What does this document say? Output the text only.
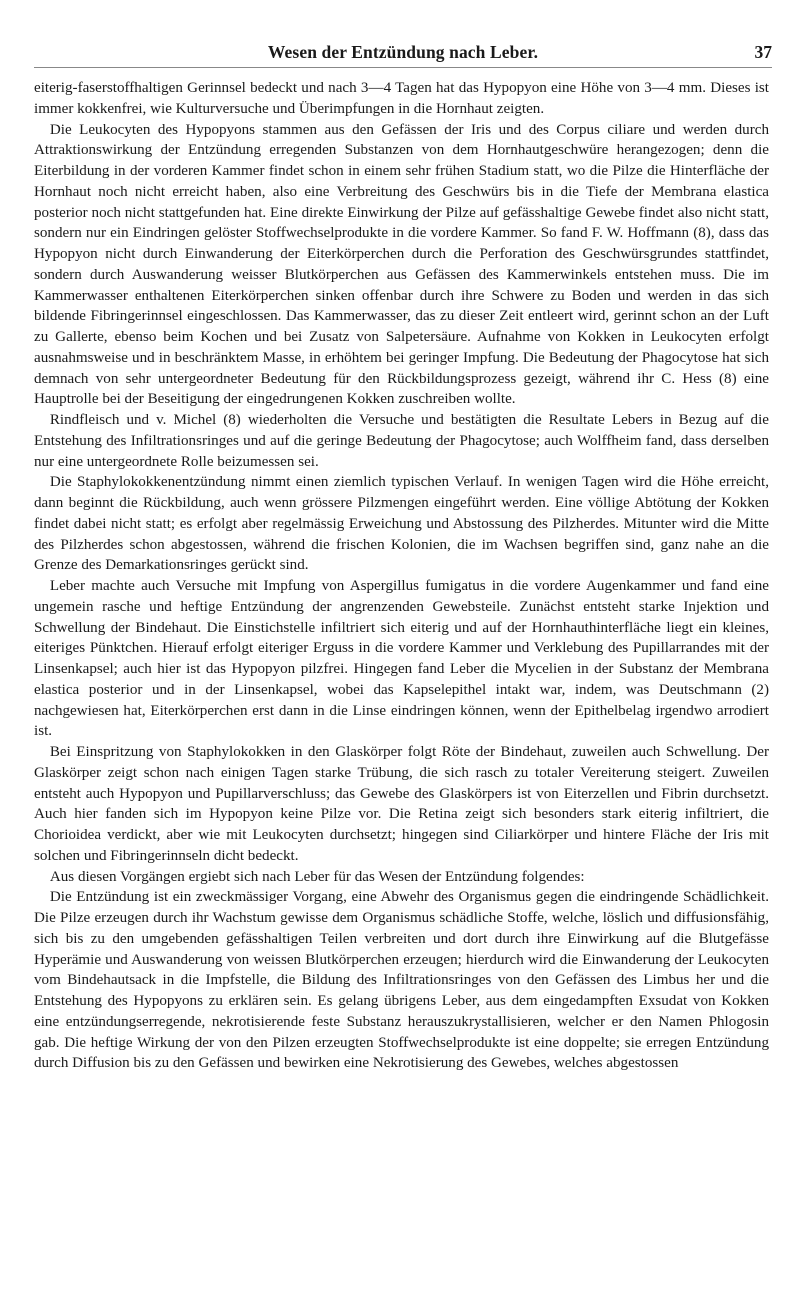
Wesen der Entzündung nach Leber.	37

eiterig-faserstoffhaltigen Gerinnsel bedeckt und nach 3—4 Tagen hat das Hypopyon eine Höhe von 3—4 mm. Dieses ist immer kokkenfrei, wie Kulturversuche und Überimpfungen in die Hornhaut zeigten.

Die Leukocyten des Hypopyons stammen aus den Gefässen der Iris und des Corpus ciliare und werden durch Attraktionswirkung der Entzündung erregenden Substanzen von dem Hornhautgeschwüre herangezogen; denn die Eiterbildung in der vorderen Kammer findet schon in einem sehr frühen Stadium statt, wo die Pilze die Hinterfläche der Hornhaut noch nicht erreicht haben, also eine Verbreitung des Geschwürs bis in die Tiefe der Membrana elastica posterior noch nicht stattgefunden hat. Eine direkte Einwirkung der Pilze auf gefässhaltige Gewebe findet also nicht statt, sondern nur ein Eindringen gelöster Stoffwechselprodukte in die vordere Kammer. So fand F. W. Hoffmann (8), dass das Hypopyon nicht durch Einwanderung der Eiterkörperchen durch die Perforation des Geschwürsgrundes stattfindet, sondern durch Auswanderung weisser Blutkörperchen aus Gefässen des Kammerwinkels entstehen muss. Die im Kammerwasser enthaltenen Eiterkörperchen sinken offenbar durch ihre Schwere zu Boden und werden in das sich bildende Fibringerinnsel eingeschlossen. Das Kammerwasser, das zu dieser Zeit entleert wird, gerinnt schon an der Luft zu Gallerte, ebenso beim Kochen und bei Zusatz von Salpetersäure. Aufnahme von Kokken in Leukocyten erfolgt ausnahmsweise und in beschränktem Masse, in erhöhtem bei geringer Impfung. Die Bedeutung der Phagocytose hat sich demnach von sehr untergeordneter Bedeutung für den Rückbildungsprozess gezeigt, während ihr C. Hess (8) eine Hauptrolle bei der Beseitigung der eingedrungenen Kokken zuschreiben wollte.

Rindfleisch und v. Michel (8) wiederholten die Versuche und bestätigten die Resultate Lebers in Bezug auf die Entstehung des Infiltrationsringes und auf die geringe Bedeutung der Phagocytose; auch Wolffheim fand, dass derselben nur eine untergeordnete Rolle beizumessen sei.

Die Staphylokokkenentzündung nimmt einen ziemlich typischen Verlauf. In wenigen Tagen wird die Höhe erreicht, dann beginnt die Rückbildung, auch wenn grössere Pilzmengen eingeführt werden. Eine völlige Abtötung der Kokken findet dabei nicht statt; es erfolgt aber regelmässig Erweichung und Abstossung des Pilzherdes. Mitunter wird die Mitte des Pilzherdes schon abgestossen, während die frischen Kolonien, die im Wachsen begriffen sind, ganz nahe an die Grenze des Demarkationsringes gerückt sind.

Leber machte auch Versuche mit Impfung von Aspergillus fumigatus in die vordere Augenkammer und fand eine ungemein rasche und heftige Entzündung der angrenzenden Gewebsteile. Zunächst entsteht starke Injektion und Schwellung der Bindehaut. Die Einstichstelle infiltriert sich eiterig und auf der Hornhauthinterfläche liegt ein kleines, eiteriges Pünktchen. Hierauf erfolgt eiteriger Erguss in die vordere Kammer und Verklebung des Pupillarrandes mit der Linsenkapsel; auch hier ist das Hypopyon pilzfrei. Hingegen fand Leber die Mycelien in der Substanz der Membrana elastica posterior und in der Linsenkapsel, wobei das Kapselepithel intakt war, indem, was Deutschmann (2) nachgewiesen hat, Eiterkörperchen erst dann in die Linse eindringen können, wenn der Epithelbelag irgendwo arrodiert ist.

Bei Einspritzung von Staphylokokken in den Glaskörper folgt Röte der Bindehaut, zuweilen auch Schwellung. Der Glaskörper zeigt schon nach einigen Tagen starke Trübung, die sich rasch zu totaler Vereiterung steigert. Zuweilen entsteht auch Hypopyon und Pupillarverschluss; das Gewebe des Glaskörpers ist von Eiterzellen und Fibrin durchsetzt. Auch hier fanden sich im Hypopyon keine Pilze vor. Die Retina zeigt sich besonders stark eiterig infiltriert, die Chorioidea verdickt, aber wie mit Leukocyten durchsetzt; hingegen sind Ciliarkörper und hintere Fläche der Iris mit solchen und Fibringerinnseln dicht bedeckt.

Aus diesen Vorgängen ergiebt sich nach Leber für das Wesen der Entzündung folgendes:

Die Entzündung ist ein zweckmässiger Vorgang, eine Abwehr des Organismus gegen die eindringende Schädlichkeit. Die Pilze erzeugen durch ihr Wachstum gewisse dem Organismus schädliche Stoffe, welche, löslich und diffusionsfähig, sich bis zu den umgebenden gefässhaltigen Teilen verbreiten und dort durch ihre Einwirkung auf die Blutgefässe Hyperämie und Auswanderung von weissen Blutkörperchen erzeugen; hierdurch wird die Einwanderung der Leukocyten vom Bindehautsack in die Impfstelle, die Bildung des Infiltrationsringes von den Gefässen des Limbus her und die Entstehung des Hypopyons zu erklären sein. Es gelang übrigens Leber, aus dem eingedampften Exsudat von Kokken eine entzündungserregende, nekrotisierende feste Substanz herauszukrystallisieren, welcher er den Namen Phlogosin gab. Die heftige Wirkung der von den Pilzen erzeugten Stoffwechselprodukte ist eine doppelte; sie erregen Entzündung durch Diffusion bis zu den Gefässen und bewirken eine Nekrotisierung des Gewebes, welches abgestossen
